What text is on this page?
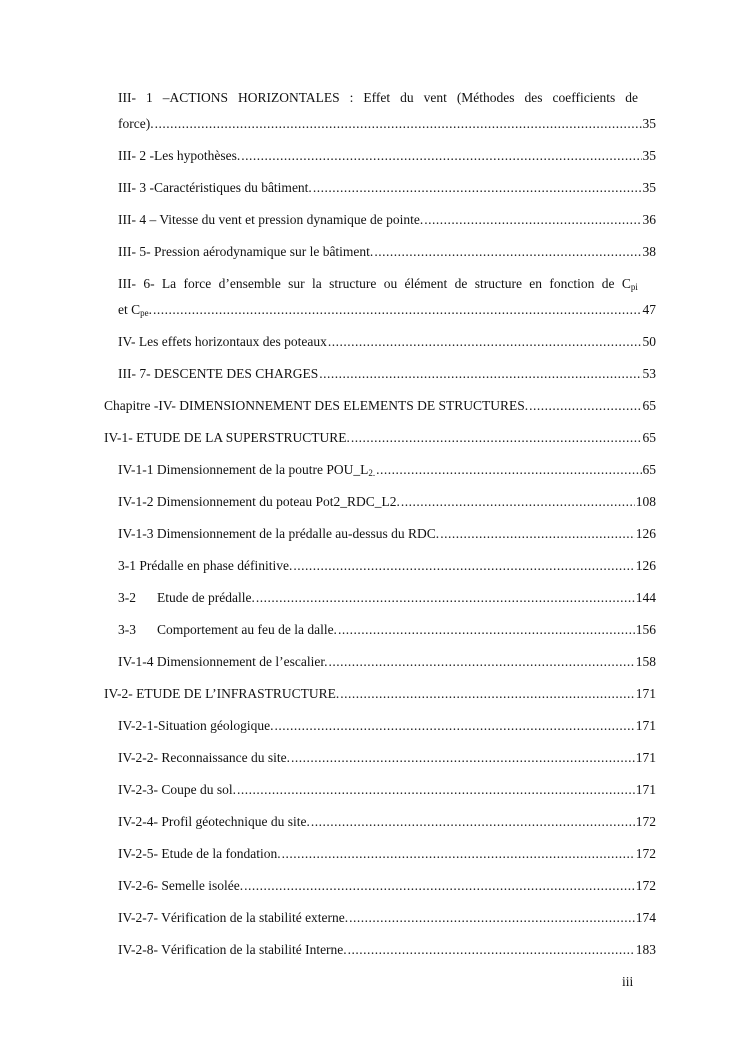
III- 1 –ACTIONS HORIZONTALES : Effet du vent (Méthodes des coefficients de
force). .....	35
III- 2 -Les hypothèses. .....	35
III- 3 -Caractéristiques du bâtiment. .....	35
III- 4 – Vitesse du vent et pression dynamique de pointe. .....	36
III- 5- Pression aérodynamique sur le bâtiment. .....	38
III- 6- La force d’ensemble sur la structure ou élément de structure en fonction de $C_{pi}$
et $C_{pe}$. .....	47
IV- Les effets horizontaux des poteaux .....	50
III- 7- DESCENTE DES CHARGES .....	53
Chapitre -IV- DIMENSIONNEMENT DES ELEMENTS DE STRUCTURES. .....	65
IV-1- ETUDE DE LA SUPERSTRUCTURE. .....	65
IV-1-1 Dimensionnement de la poutre $POU\_L_{2.}$ .....	65
IV-1-2 Dimensionnement du poteau Pot2_RDC_L2. .....	108
IV-1-3 Dimensionnement de la prédalle au-dessus du RDC. .....	126
3-1 Prédalle en phase définitive. .....	126
3-2 Etude de prédalle. .....	144
3-3 Comportement au feu de la dalle. .....	156
IV-1-4 Dimensionnement de l’escalier. .....	158
IV-2- ETUDE DE L’INFRASTRUCTURE. .....	171
IV-2-1-Situation géologique. .....	171
IV-2-2- Reconnaissance du site. .....	171
IV-2-3- Coupe du sol. .....	171
IV-2-4- Profil géotechnique du site. .....	172
IV-2-5- Etude de la fondation. .....	172
IV-2-6- Semelle isolée. .....	172
IV-2-7- Vérification de la stabilité externe. .....	174
IV-2-8- Vérification de la stabilité Interne. .....	183
iii
